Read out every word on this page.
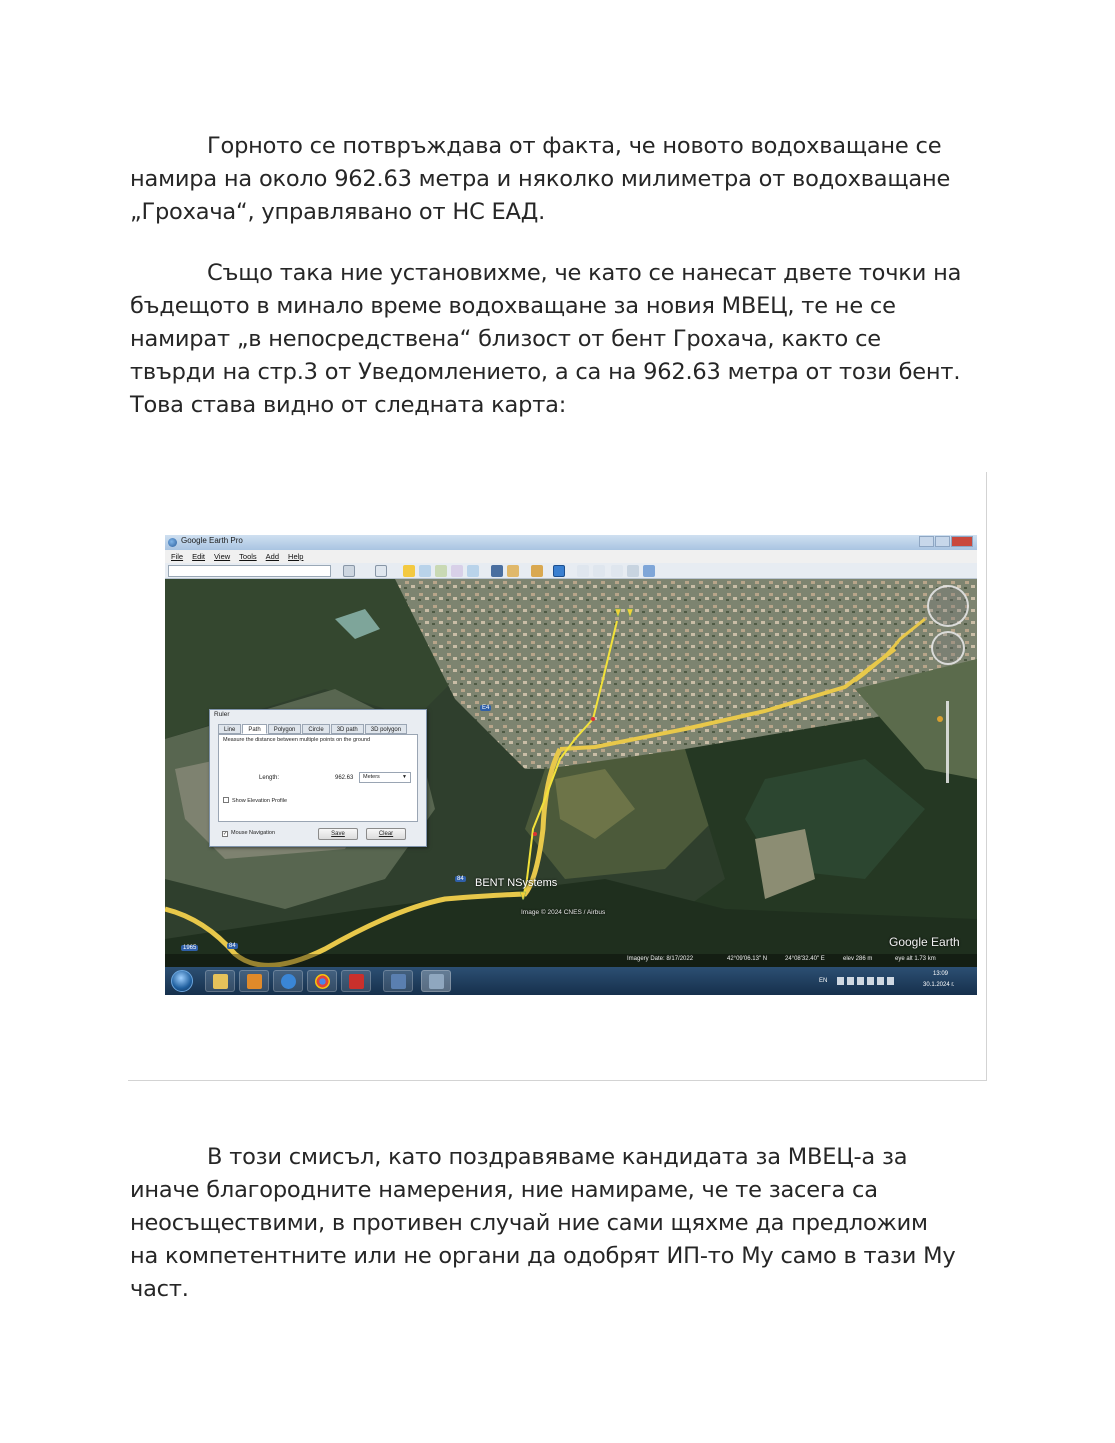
Горното се потвръждава от факта, че новото водохващане се
намира на около 962.63 метра и няколко милиметра от водохващане
„Грохача“, управлявано от НС ЕАД.
Също така ние установихме, че като се нанесат двете точки на
бъдещото в минало време водохващане за новия МВЕЦ, те не се
намират „в непосредствена“ близост от бент Грохача, както се
твърди на стр.3 от Уведомлението, а са на 962.63 метра от този бент.
Това става видно от следната карта:
Google Earth Pro
File Edit View Tools Add Help
1965	84
84
E4
BENT NSystems
Image © 2024 CNES / Airbus
Google Earth
Ruler
Line	Path	Polygon	Circle	3D path	3D polygon
Measure the distance between multiple points on the ground
Length:	962.63	Meters	▼
Show Elevation Profile
✓ Mouse Navigation	Save	Clear
Imagery Date: 8/17/2022	42°09'06.13" N	24°08'32.40" E	elev 286 m	eye alt 1.73 km
EN
13:09
30.1.2024 г.
В този смисъл, като поздравяваме кандидата за МВЕЦ-а за
иначе благородните намерения, ние намираме, че те засега са
неосъществими, в противен случай ние сами щяхме да предложим
на компетентните или не органи да одобрят ИП-то Му само в тази Му
част.
